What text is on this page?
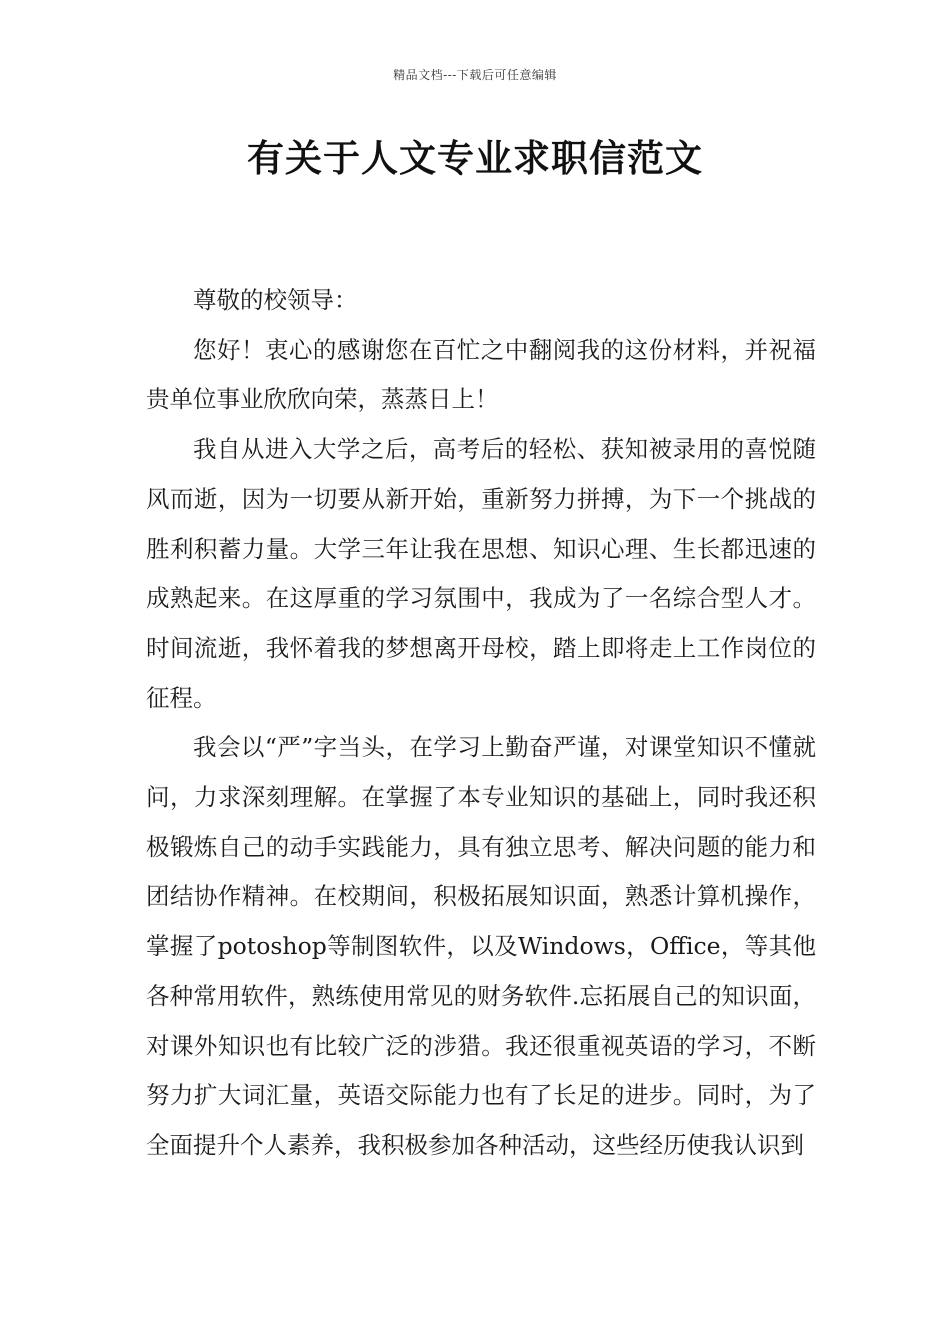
精品文档---下载后可任意编辑
有关于人文专业求职信范文

尊敬的校领导：

您好！衷心的感谢您在百忙之中翻阅我的这份材料，并祝福贵单位事业欣欣向荣，蒸蒸日上！

我自从进入大学之后，高考后的轻松、获知被录用的喜悦随风而逝，因为一切要从新开始，重新努力拼搏，为下一个挑战的胜利积蓄力量。大学三年让我在思想、知识心理、生长都迅速的成熟起来。在这厚重的学习氛围中，我成为了一名综合型人才。时间流逝，我怀着我的梦想离开母校，踏上即将走上工作岗位的征程。

我会以“严”字当头，在学习上勤奋严谨，对课堂知识不懂就问，力求深刻理解。在掌握了本专业知识的基础上，同时我还积极锻炼自己的动手实践能力，具有独立思考、解决问题的能力和团结协作精神。在校期间，积极拓展知识面，熟悉计算机操作，掌握了potoshop等制图软件，以及Windows，Office，等其他各种常用软件，熟练使用常见的财务软件.忘拓展自己的知识面，对课外知识也有比较广泛的涉猎。我还很重视英语的学习，不断努力扩大词汇量，英语交际能力也有了长足的进步。同时，为了全面提升个人素养，我积极参加各种活动，这些经历使我认识到
